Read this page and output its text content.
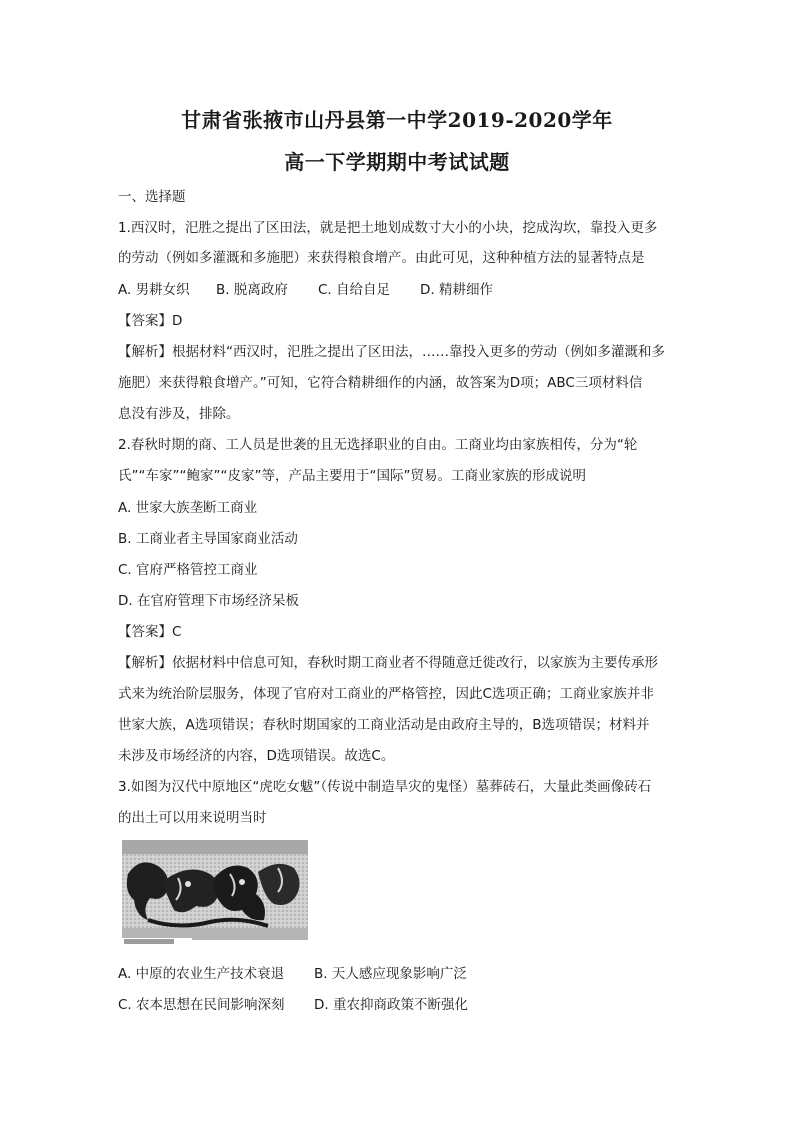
甘肃省张掖市山丹县第一中学2019-2020学年
高一下学期期中考试试题
一、选择题
1.西汉时，汜胜之提出了区田法，就是把土地划成数寸大小的小块，挖成沟坎，靠投入更多
的劳动（例如多灌溉和多施肥）来获得粮食增产。由此可见，这种种植方法的显著特点是
A. 男耕女织 B. 脱离政府 C. 自给自足 D. 精耕细作
【答案】D
【解析】根据材料“西汉时，汜胜之提出了区田法，……靠投入更多的劳动（例如多灌溉和多
施肥）来获得粮食增产。”可知，它符合精耕细作的内涵，故答案为D项；ABC三项材料信
息没有涉及，排除。
2.春秋时期的商、工人员是世袭的且无选择职业的自由。工商业均由家族相传，分为“轮
氏”“车家”“鲍家”“皮家”等，产品主要用于“国际”贸易。工商业家族的形成说明
A. 世家大族垄断工商业
B. 工商业者主导国家商业活动
C. 官府严格管控工商业
D. 在官府管理下市场经济呆板
【答案】C
【解析】依据材料中信息可知，春秋时期工商业者不得随意迁徙改行，以家族为主要传承形
式来为统治阶层服务，体现了官府对工商业的严格管控，因此C选项正确；工商业家族并非
世家大族，A选项错误；春秋时期国家的工商业活动是由政府主导的，B选项错误；材料并
未涉及市场经济的内容，D选项错误。故选C。
3.如图为汉代中原地区“虎吃女魃”（传说中制造旱灾的鬼怪）墓葬砖石，大量此类画像砖石
的出土可以用来说明当时
A. 中原的农业生产技术衰退 B. 天人感应现象影响广泛
C. 农本思想在民间影响深刻 D. 重农抑商政策不断强化
